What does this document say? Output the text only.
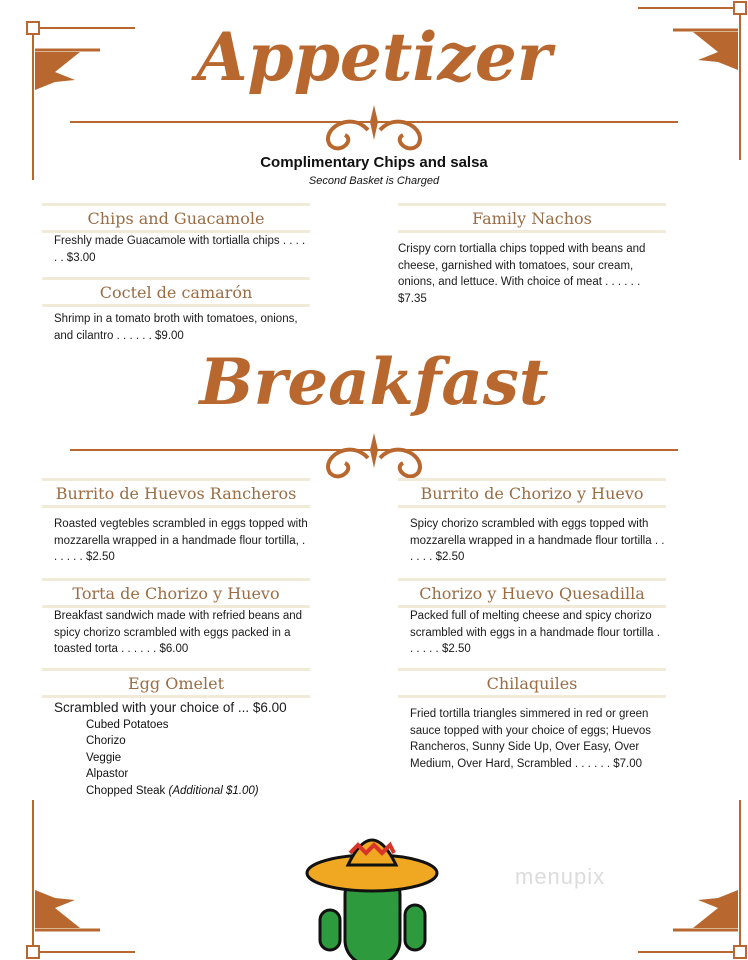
Appetizer
Complimentary Chips and salsa
Second Basket is Charged
Chips and Guacamole
Freshly made Guacamole with tortialla chips . . . . . . $3.00
Coctel de camarón
Shrimp in a tomato broth with tomatoes, onions, and cilantro . . . . . . $9.00
Family Nachos
Crispy corn tortialla chips topped with beans and cheese, garnished with tomatoes, sour cream, onions, and lettuce. With choice of meat . . . . . . $7.35
Breakfast
Burrito de Huevos Rancheros
Roasted vegtebles scrambled in eggs topped with mozzarella wrapped in a handmade flour tortilla, . . . . . . $2.50
Burrito de Chorizo y Huevo
Spicy chorizo scrambled with eggs topped with mozzarella wrapped in a handmade flour tortilla . . . . . . $2.50
Torta de Chorizo y Huevo
Breakfast sandwich made with refried beans and spicy chorizo scrambled with eggs packed in a toasted torta . . . . . . $6.00
Chorizo y Huevo Quesadilla
Packed full of melting cheese and spicy chorizo scrambled with eggs in a handmade flour tortilla . . . . . . $2.50
Egg Omelet
Scrambled with your choice of ... $6.00
Cubed Potatoes
Chorizo
Veggie
Alpastor
Chopped Steak (Additional $1.00)
Chilaquiles
Fried tortilla triangles simmered in red or green sauce topped with your choice of eggs; Huevos Rancheros, Sunny Side Up, Over Easy, Over Medium, Over Hard, Scrambled . . . . . . $7.00
menupix
